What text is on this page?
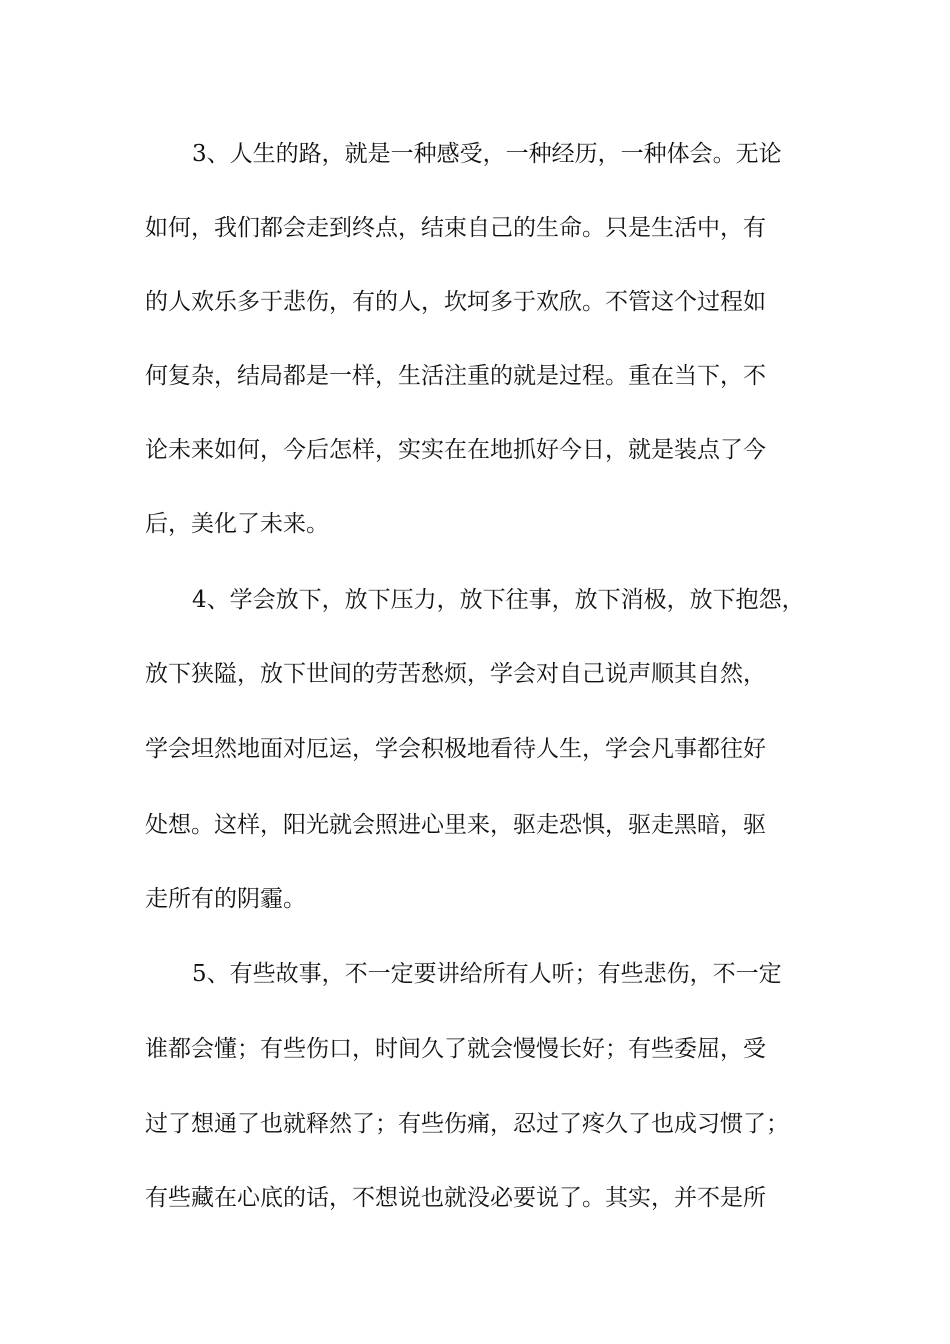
3、人生的路，就是一种感受，一种经历，一种体会。无论
如何，我们都会走到终点，结束自己的生命。只是生活中，有
的人欢乐多于悲伤，有的人，坎坷多于欢欣。不管这个过程如
何复杂，结局都是一样，生活注重的就是过程。重在当下，不
论未来如何，今后怎样，实实在在地抓好今日，就是装点了今
后，美化了未来。
4、学会放下，放下压力，放下往事，放下消极，放下抱怨，
放下狭隘，放下世间的劳苦愁烦，学会对自己说声顺其自然，
学会坦然地面对厄运，学会积极地看待人生，学会凡事都往好
处想。这样，阳光就会照进心里来，驱走恐惧，驱走黑暗，驱
走所有的阴霾。
5、有些故事，不一定要讲给所有人听；有些悲伤，不一定
谁都会懂；有些伤口，时间久了就会慢慢长好；有些委屈，受
过了想通了也就释然了；有些伤痛，忍过了疼久了也成习惯了；
有些藏在心底的话，不想说也就没必要说了。其实，并不是所
